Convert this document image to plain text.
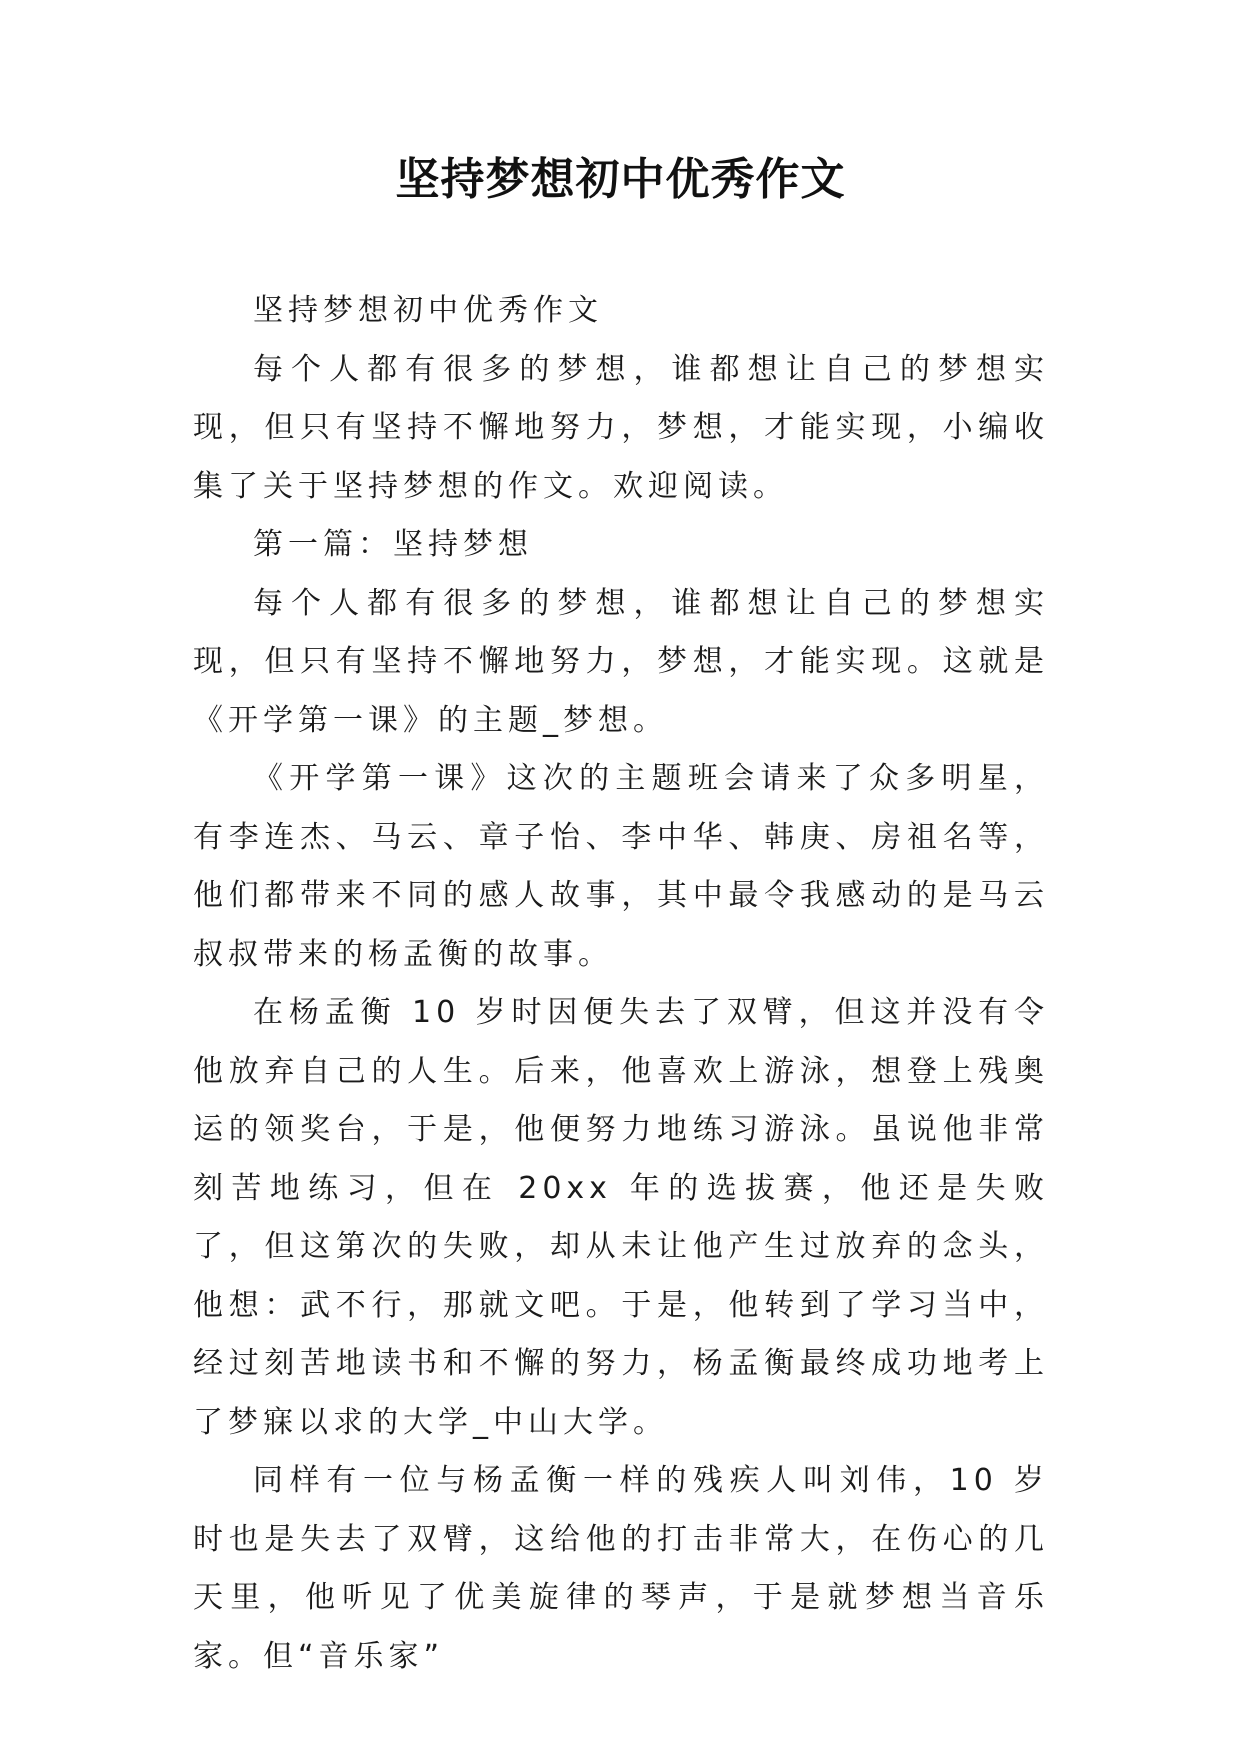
坚持梦想初中优秀作文

坚持梦想初中优秀作文

每个人都有很多的梦想，谁都想让自己的梦想实现，但只有坚持不懈地努力，梦想，才能实现，小编收集了关于坚持梦想的作文。欢迎阅读。

第一篇：坚持梦想

每个人都有很多的梦想，谁都想让自己的梦想实现，但只有坚持不懈地努力，梦想，才能实现。这就是《开学第一课》的主题_梦想。

《开学第一课》这次的主题班会请来了众多明星，有李连杰、马云、章子怡、李中华、韩庚、房祖名等，他们都带来不同的感人故事，其中最令我感动的是马云叔叔带来的杨孟衡的故事。

在杨孟衡 10 岁时因便失去了双臂，但这并没有令他放弃自己的人生。后来，他喜欢上游泳，想登上残奥运的领奖台，于是，他便努力地练习游泳。虽说他非常刻苦地练习，但在 20xx 年的选拔赛，他还是失败了，但这第次的失败，却从未让他产生过放弃的念头，他想：武不行，那就文吧。于是，他转到了学习当中，经过刻苦地读书和不懈的努力，杨孟衡最终成功地考上了梦寐以求的大学_中山大学。

同样有一位与杨孟衡一样的残疾人叫刘伟，10 岁时也是失去了双臂，这给他的打击非常大，在伤心的几天里，他听见了优美旋律的琴声，于是就梦想当音乐家。但“音乐家”
